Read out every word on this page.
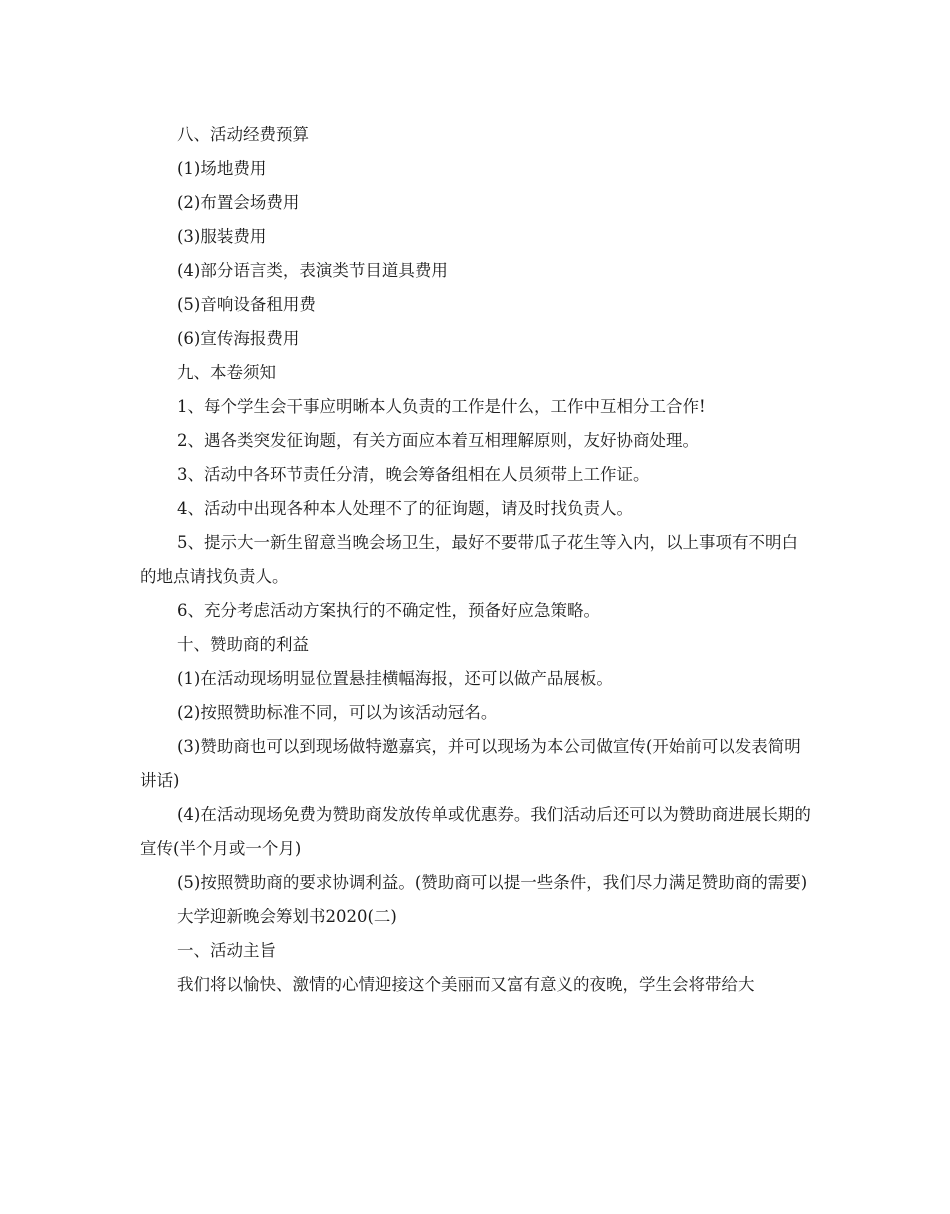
八、活动经费预算

(1)场地费用

(2)布置会场费用

(3)服装费用

(4)部分语言类，表演类节目道具费用

(5)音响设备租用费

(6)宣传海报费用

九、本卷须知

1、每个学生会干事应明晰本人负责的工作是什么，工作中互相分工合作!

2、遇各类突发征询题，有关方面应本着互相理解原则，友好协商处理。

3、活动中各环节责任分清，晚会筹备组相在人员须带上工作证。

4、活动中出现各种本人处理不了的征询题，请及时找负责人。

5、提示大一新生留意当晚会场卫生，最好不要带瓜子花生等入内，以上事项有不明白的地点请找负责人。

6、充分考虑活动方案执行的不确定性，预备好应急策略。

十、赞助商的利益

(1)在活动现场明显位置悬挂横幅海报，还可以做产品展板。

(2)按照赞助标准不同，可以为该活动冠名。

(3)赞助商也可以到现场做特邀嘉宾，并可以现场为本公司做宣传(开始前可以发表简明讲话)

(4)在活动现场免费为赞助商发放传单或优惠券。我们活动后还可以为赞助商进展长期的宣传(半个月或一个月)

(5)按照赞助商的要求协调利益。(赞助商可以提一些条件，我们尽力满足赞助商的需要)

大学迎新晚会筹划书2020(二)

一、活动主旨

我们将以愉快、激情的心情迎接这个美丽而又富有意义的夜晚，学生会将带给大
